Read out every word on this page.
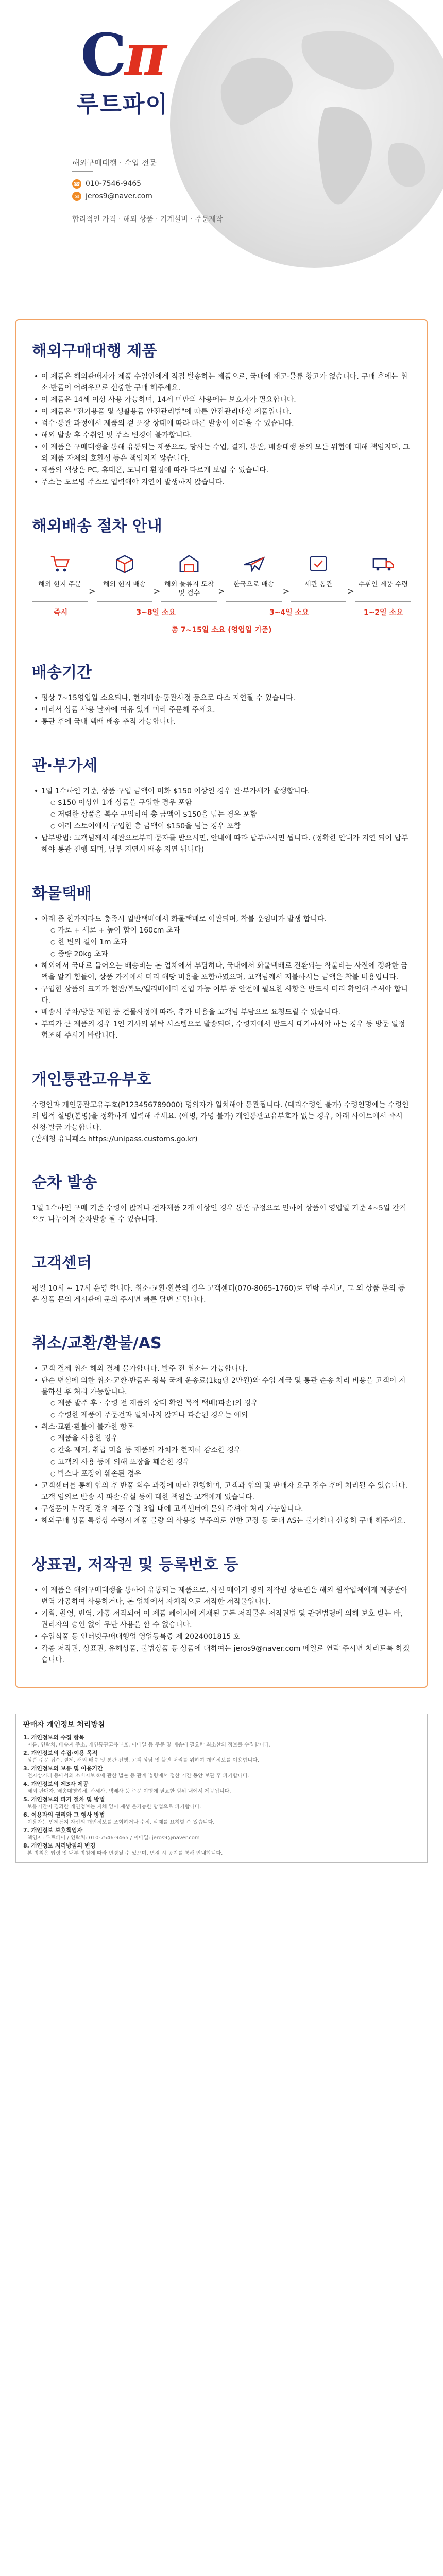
Cπ
루트파이
해외구매대행 · 수입 전문
☎ 010-7546-9465
✉ jeros9@naver.com
합리적인 가격 · 해외 상품 · 기계설비 · 주문제작
해외구매대행 제품
• 이 제품은 해외판매자가 제품 수입인에게 직접 발송하는 제품으로, 국내에 재고·물류 창고가 없습니다. 구매 후에는 취소·반품이 어려우므로 신중한 구매 해주세요.
• 이 제품은 14세 이상 사용 가능하며, 14세 미만의 사용에는 보호자가 필요합니다.
• 이 제품은 "전기용품 및 생활용품 안전관리법"에 따른 안전관리대상 제품입니다.
• 검수·통관 과정에서 제품의 겉 포장 상태에 따라 빠른 발송이 어려울 수 있습니다.
• 해외 발송 후 수취인 및 주소 변경이 불가합니다.
• 이 제품은 구매대행을 통해 유통되는 제품으로, 당사는 수입, 결제, 통관, 배송대행 등의 모든 위험에 대해 책임지며, 그 외 제품 자체의 호환성 등은 책임지지 않습니다.
• 제품의 색상은 PC, 휴대폰, 모니터 환경에 따라 다르게 보일 수 있습니다.
• 주소는 도로명 주소로 입력해야 지연이 발생하지 않습니다.
해외배송 절차 안내
해외 현지 주문
>
해외 현지 배송
>
해외 물류지 도착 및 검수	>
한국으로 배송
>
세관 통관
>
수취인 제품 수령
즉시	3~8일 소요	3~4일 소요	1~2일 소요
총 7~15일 소요 (영업일 기준)
배송기간
• 평상 7~15영업일 소요되나, 현지배송·통관사정 등으로 다소 지연될 수 있습니다.
• 미리서 상품 사용 날짜에 여유 있게 미리 주문해 주세요.
• 통관 후에 국내 택배 배송 추적 가능합니다.
관·부가세
• 1일 1수하인 기준, 상품 구입 금액이 미화 $150 이상인 경우 관·부가세가 발생합니다.
○ $150 이상인 1개 상품을 구입한 경우 포함
○ 저렴한 상품을 복수 구입하여 총 금액이 $150을 넘는 경우 포함
○ 여러 스토어에서 구입한 총 금액이 $150을 넘는 경우 포함
• 납부방법: 고객님께서 세관으로부터 문자를 받으시면, 안내에 따라 납부하시면 됩니다. (정확한 안내가 지연 되어 납부해야 통관 진행 되며, 납부 지연시 배송 지연 됩니다)
화물택배
• 아래 중 한가지라도 충족시 일반택배에서 화물택배로 이관되며, 착불 운임비가 발생 합니다.
○ 가로 + 세로 + 높이 합이 160cm 초과
○ 한 변의 길이 1m 초과
○ 중량 20kg 초과
• 해외에서 국내로 들어오는 배송비는 본 업체에서 부담하나, 국내에서 화물택배로 전환되는 착불비는 사전에 정확한 금액을 알기 힘들어, 상품 가격에서 미리 해당 비용을 포함하였으며, 고객님께서 지불하시는 금액은 착불 비용입니다.
• 구입한 상품의 크기가 현관/복도/엘리베이터 진입 가능 여부 등 안전에 필요한 사항은 반드시 미리 확인해 주셔야 합니다.
• 배송시 주차/방문 제한 등 건물사정에 따라, 추가 비용을 고객님 부담으로 요청드릴 수 있습니다.
• 부피가 큰 제품의 경우 1인 기사의 위탁 시스템으로 발송되며, 수령지에서 반드시 대기하셔야 하는 경우 등 방문 일정 협조해 주시기 바랍니다.
개인통관고유부호

수령인과 개인통관고유부호(P123456789000) 명의자가 일치해야 통관됩니다. (대리수령인 불가) 수령인명에는 수령인의 법적 실명(본명)을 정확하게 입력해 주세요. (예명, 가명 불가) 개인통관고유부호가 없는 경우, 아래 사이트에서 즉시 신청·발급 가능합니다.

(관세청 유니패스 https://unipass.customs.go.kr)

순차 발송

1일 1수하인 구매 기준 수령이 많거나 전자제품 2개 이상인 경우 통관 규정으로 인하여 상품이 영업일 기준 4~5일 간격으로 나누어져 순차발송 될 수 있습니다.

고객센터

평일 10시 ~ 17시 운영 합니다. 취소·교환·환불의 경우 고객센터(070-8065-1760)로 연락 주시고, 그 외 상품 문의 등은 상품 문의 게시판에 문의 주시면 빠른 답변 드립니다.

취소/교환/환불/AS
• 고객 결제 취소 해외 결제 불가합니다. 발주 전 취소는 가능합니다.
• 단순 변심에 의한 취소·교환·반품은 왕복 국제 운송료(1kg당 2만원)와 수입 세금 및 통관 순송 처리 비용을 고객이 지불하신 후 처리 가능합니다.
○ 제품 발주 후 · 수령 전 제품의 상태 확인 목적 택배(파손)의 경우
○ 수령한 제품이 주문건과 일치하지 않거나 파손된 경우는 예외
• 취소·교환·환불이 불가한 항목
○ 제품을 사용한 경우
○ 간혹 제거, 취급 미흡 등 제품의 가치가 현저히 감소한 경우
○ 고객의 사용 등에 의해 포장을 훼손한 경우
○ 박스나 포장이 훼손된 경우
• 고객센터를 통해 협의 후 반품 회수 과정에 따라 진행하며, 고객과 협의 및 판매자 요구 접수 후에 처리될 수 있습니다. 고객 임의로 반송 시 파손·유실 등에 대한 책임은 고객에게 있습니다.
• 구성품이 누락된 경우 제품 수령 3일 내에 고객센터에 문의 주셔야 처리 가능합니다.
• 해외구매 상품 특성상 수령시 제품 불량 외 사용중 부주의로 인한 고장 등 국내 AS는 불가하니 신중히 구매 해주세요.
상표권, 저작권 및 등록번호 등
• 이 제품은 해외구매대행을 통하여 유통되는 제품으로, 사진 메이커 명의 저작권 상표권은 해외 원작업체에게 제공받아 변역 가공하여 사용하거나, 본 업체에서 자체적으로 저작한 저작물입니다.
• 기획, 촬영, 번역, 가공 저작되어 이 제품 페이지에 게재된 모든 저작물은 저작권법 및 관련법령에 의해 보호 받는 바, 권리자의 승인 없이 무단 사용을 할 수 없습니다.
• 수입식품 등 인터넷구매대행업 영업등록증 제 2024001815 호
• 각종 저작권, 상표권, 유해상품, 불법상품 등 상품에 대하여는 jeros9@naver.com 메일로 연락 주시면 처리토록 하겠습니다.
판매자 개인정보 처리방침
1. 개인정보의 수집 항목
이름, 연락처, 배송지 주소, 개인통관고유부호, 이메일 등 주문 및 배송에 필요한 최소한의 정보를 수집합니다.
2. 개인정보의 수집·이용 목적
상품 주문 접수, 결제, 해외 배송 및 통관 진행, 고객 상담 및 불만 처리를 위하여 개인정보를 이용합니다.
3. 개인정보의 보유 및 이용기간
전자상거래 등에서의 소비자보호에 관한 법률 등 관계 법령에서 정한 기간 동안 보관 후 파기합니다.
4. 개인정보의 제3자 제공
해외 판매자, 배송대행업체, 관세사, 택배사 등 주문 이행에 필요한 범위 내에서 제공됩니다.
5. 개인정보의 파기 절차 및 방법
보유기간이 경과한 개인정보는 지체 없이 재생 불가능한 방법으로 파기합니다.
6. 이용자의 권리와 그 행사 방법
이용자는 언제든지 자신의 개인정보를 조회하거나 수정, 삭제를 요청할 수 있습니다.
7. 개인정보 보호책임자
책임자: 루트파이 / 연락처: 010-7546-9465 / 이메일: jeros9@naver.com
8. 개인정보 처리방침의 변경
본 방침은 법령 및 내부 방침에 따라 변경될 수 있으며, 변경 시 공지를 통해 안내합니다.
